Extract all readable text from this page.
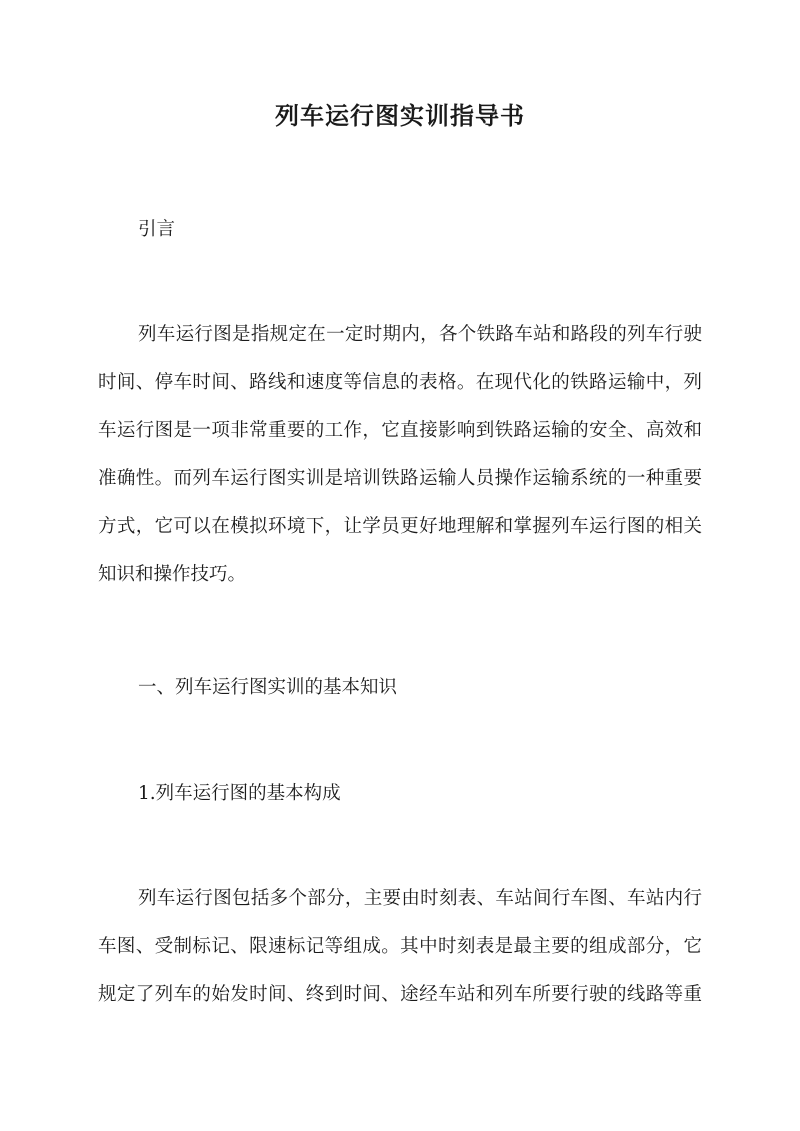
列车运行图实训指导书
引言
列车运行图是指规定在一定时期内，各个铁路车站和路段的列车行驶
时间、停车时间、路线和速度等信息的表格。在现代化的铁路运输中，列
车运行图是一项非常重要的工作，它直接影响到铁路运输的安全、高效和
准确性。而列车运行图实训是培训铁路运输人员操作运输系统的一种重要
方式，它可以在模拟环境下，让学员更好地理解和掌握列车运行图的相关
知识和操作技巧。
一、列车运行图实训的基本知识
1.列车运行图的基本构成
列车运行图包括多个部分，主要由时刻表、车站间行车图、车站内行
车图、受制标记、限速标记等组成。其中时刻表是最主要的组成部分，它
规定了列车的始发时间、终到时间、途经车站和列车所要行驶的线路等重
